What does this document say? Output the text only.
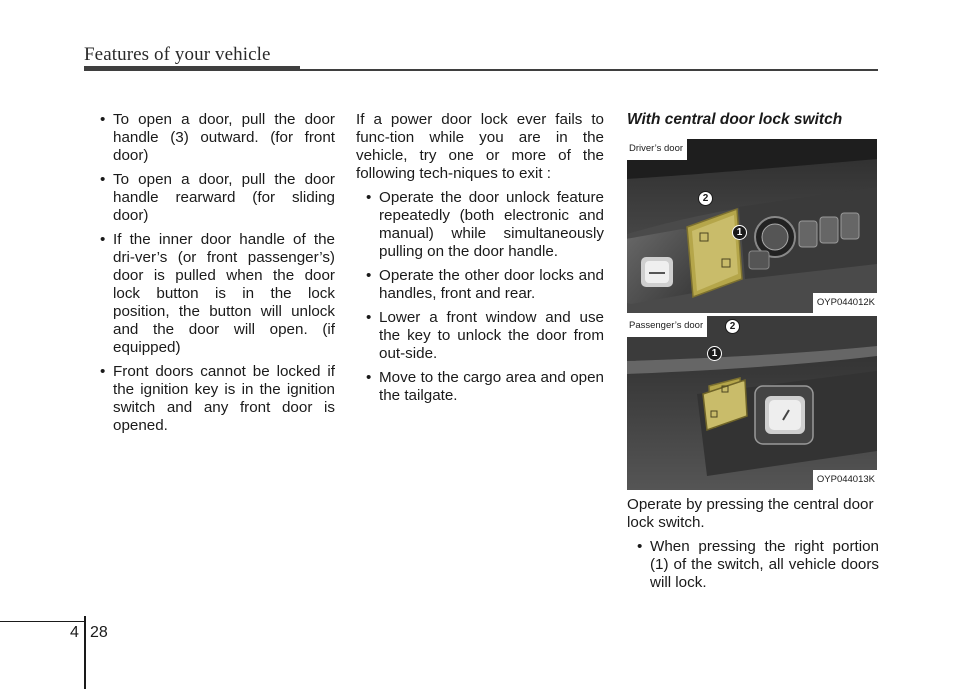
Features of your vehicle
• To open a door, pull the door handle (3) outward. (for front door)
• To open a door, pull the door handle rearward (for sliding door)
• If the inner door handle of the dri-ver’s (or front passenger’s) door is pulled when the door lock button is in the lock position, the button will unlock and the door will open. (if equipped)
• Front doors cannot be locked if the ignition key is in the ignition switch and any front door is opened.

If a power door lock ever fails to func-tion while you are in the vehicle, try one or more of the following tech-niques to exit :

• Operate the door unlock feature repeatedly (both electronic and manual) while simultaneously pulling on the door handle.
• Operate the other door locks and handles, front and rear.
• Lower a front window and use the key to unlock the door from out-side.
• Move to the cargo area and open the tailgate.
With central door lock switch
Driver’s door
OYP044012K
2
1
Passenger’s door
OYP044013K
2
1

Operate by pressing the central door lock switch.

• When pressing the right portion (1) of the switch, all vehicle doors will lock.
4 28
